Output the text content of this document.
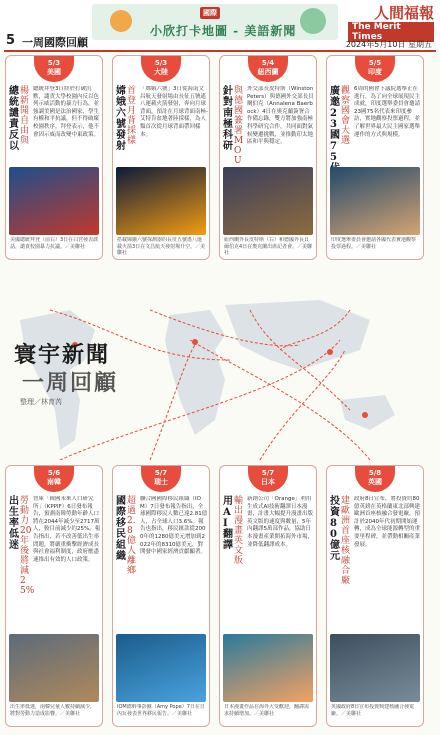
5 一周國際回顧
國際
小欣打卡地圖 - 美語新聞
人間福報
The Merit Times
2024年5月10日 星期五
寰宇新聞
一周回顧
整理／林育芮
5/3
美國
總統譴責反以
楊新聞自由與
總統拜登3日終於打破沉默，譴責大學校園內反以色列示威活動的暴力行為，並強調美國是法治國家，學生有權和平抗議，但不得破壞校園秩序。拜登表示，他不會因示威而改變中東政策。
美國總統拜登（前右）3日在白宮發表談話，譴責校園暴力抗議。／美聯社
5/3
大陸
嫦娥六號發射
首登月背採樣
「嫦娥六號」3日從海南文昌航天發射場由長征五號遙八運載火箭發射，奔向月球背面，預計在月球背面南極-艾特肯盆地著陸採樣，為人類首次從月球背面帶回樣本。
搭載嫦娥六號探測器的長征五號遙八運載火箭3日在文昌航天發射場升空。／美聯社
5/4
紐西蘭
針對南極科研
與德國簽署MOU
外交部長皮特斯（Winston Peters）與德國外交部長貝爾伯克（Annalena Baerbock）4日在奧克蘭簽署合作備忘錄，雙方將加強南極科學研究合作，共同面對氣候變遷挑戰，並推動印太地區和平與穩定。
紐西蘭外長皮特斯（右）和德國外長貝爾伯克4日在奧克蘭出席記者會。／美聯社
5/5
印度
廣邀23國75
觀察國會大選
6周的國會下議院選舉正在進行，為了向全球展現民主成就，印度選舉委員會邀請23國75名代表來印度參訪，實地觀察投票過程，並了解世界最大民主國家選舉運作的方式與規模。
印度選舉委員會邀請各國代表實地觀察投票過程。／美聯社
5/6
南韓
出生率低迷
勞動力20年後將減25%
智庫「韓國未來人口研究所」（KPPIF）6日發布報告，預測南韓勞動年齡人口將在2044年減少至2717萬人，較目前減少約25%。報告指出，若不改善低出生率問題，將嚴重衝擊經濟成長與社會福利制度，政府應盡速推出有效的人口政策。
出生率低迷，南韓兒童人數持續減少，將對勞動力造成影響。／美聯社
5/7
瑞士
國際移民組織
超過2.8億人離鄉
聯合國國際移民組織（IOM）7日發布報告指出，全球國際移民人數已達2.81億人，占全球人口3.6%。報告也指出，移民匯款從2000年的1280億美元增加到2022年的8310億美元，對開發中國家經濟貢獻顯著。
IOM總幹事彭蘇（Amy Pope）7日在日內瓦發表世界移民報告。／美聯社
5/7
日本
用AI翻譯
輸出漫畫英文版
新創公司「Orange」利用生成式AI技術翻譯日本漫畫，計畫大幅提升漫畫出版英文版的速度與數量，5年內翻譯5萬部作品，協助日本漫畫產業開拓海外市場，並降低翻譯成本。
日本漫畫作品在海外大受歡迎，翻譯需求持續增加。／美聯社
5/8
英國
投資80億元
建歐洲首座核融合廠
政府8日宣布，將投資約80億英鎊在英格蘭東北部興建歐洲首座核融合發電廠，預計於2040年代初期開始運轉，成為全球能源轉型的重要里程碑，並帶動相關產業發展。
英國政府8日宣布投資興建核融合發電廠。／美聯社
